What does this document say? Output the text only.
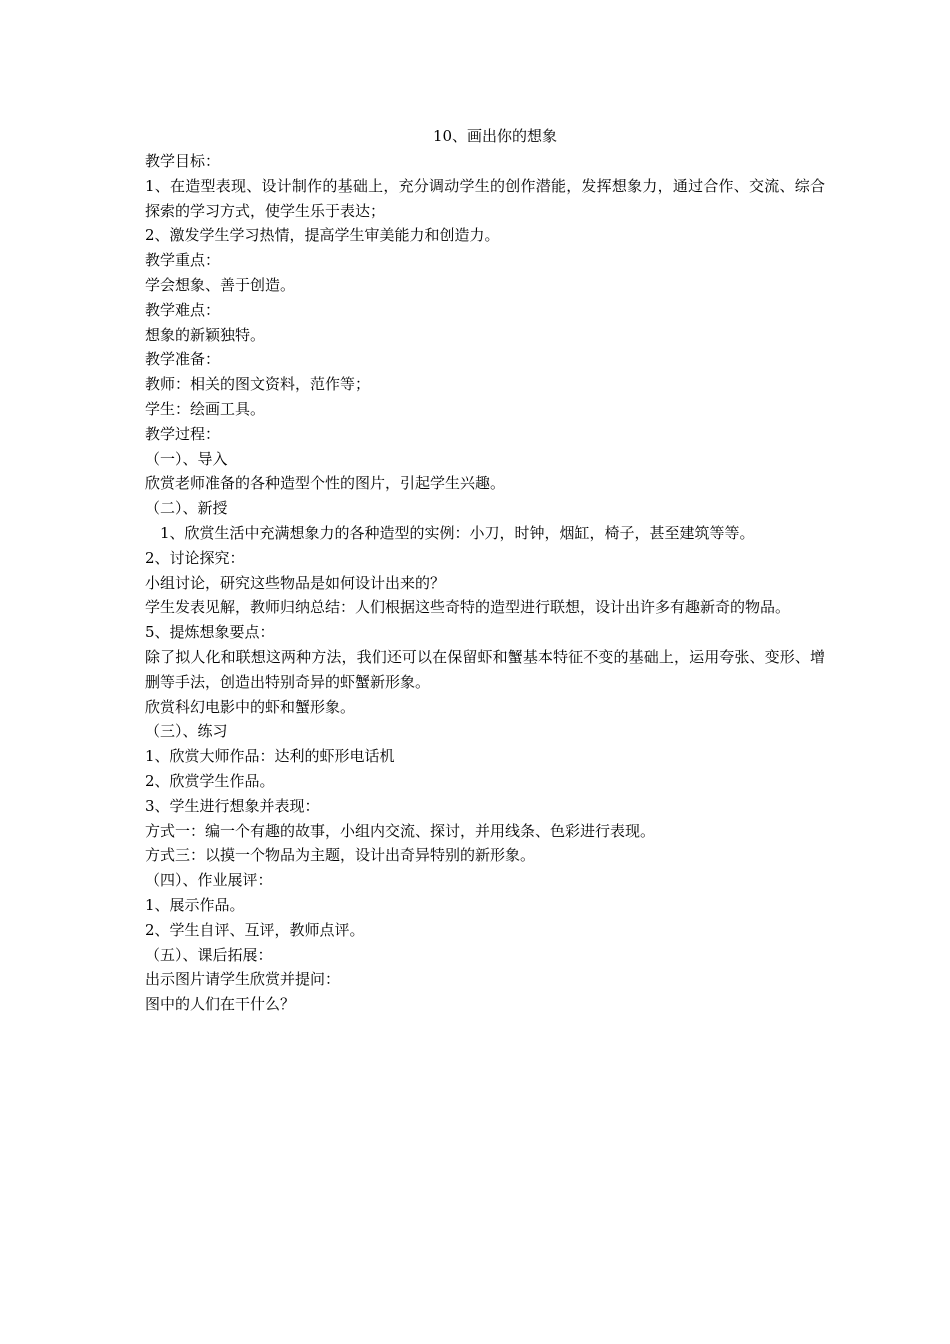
10、画出你的想象

教学目标：

1、在造型表现、设计制作的基础上，充分调动学生的创作潜能，发挥想象力，通过合作、交流、综合探索的学习方式，使学生乐于表达；

2、激发学生学习热情，提高学生审美能力和创造力。

教学重点：

学会想象、善于创造。

教学难点：

想象的新颖独特。

教学准备：

教师：相关的图文资料，范作等；

学生：绘画工具。

教学过程：

（一）、导入

欣赏老师准备的各种造型个性的图片，引起学生兴趣。

（二）、新授

1、欣赏生活中充满想象力的各种造型的实例：小刀，时钟，烟缸，椅子，甚至建筑等等。

2、讨论探究：

小组讨论，研究这些物品是如何设计出来的？

学生发表见解，教师归纳总结：人们根据这些奇特的造型进行联想，设计出许多有趣新奇的物品。

5、提炼想象要点：

除了拟人化和联想这两种方法，我们还可以在保留虾和蟹基本特征不变的基础上，运用夸张、变形、增删等手法，创造出特别奇异的虾蟹新形象。

欣赏科幻电影中的虾和蟹形象。

（三）、练习

1、欣赏大师作品：达利的虾形电话机

2、欣赏学生作品。

3、学生进行想象并表现：

方式一：编一个有趣的故事，小组内交流、探讨，并用线条、色彩进行表现。

方式三：以摸一个物品为主题，设计出奇异特别的新形象。

（四）、作业展评：

1、展示作品。

2、学生自评、互评，教师点评。

（五）、课后拓展：

出示图片请学生欣赏并提问：

图中的人们在干什么？
